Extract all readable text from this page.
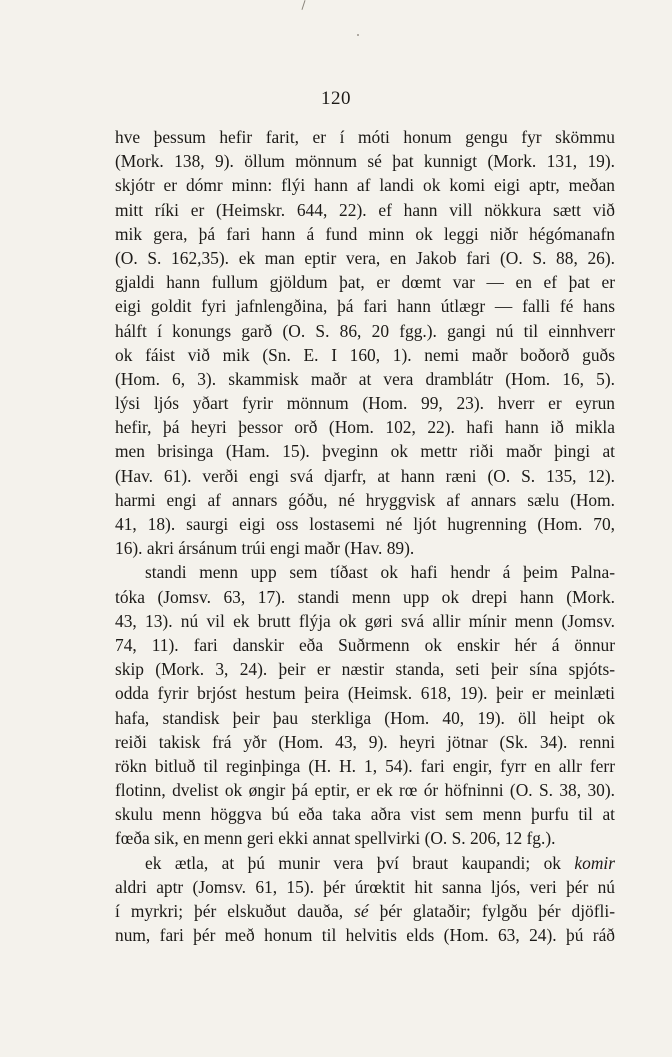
120
hve þessum hefir farit, er í móti honum gengu fyr skömmu
(Mork. 138, 9). öllum mönnum sé þat kunnigt (Mork. 131, 19).
skjótr er dómr minn: flýi hann af landi ok komi eigi aptr, meðan
mitt ríki er (Heimskr. 644, 22). ef hann vill nökkura sætt við
mik gera, þá fari hann á fund minn ok leggi niðr hégómanafn
(O. S. 162,35). ek man eptir vera, en Jakob fari (O. S. 88, 26).
gjaldi hann fullum gjöldum þat, er dœmt var — en ef þat er
eigi goldit fyri jafnlengðina, þá fari hann útlægr — falli fé hans
hálft í konungs garð (O. S. 86, 20 fgg.). gangi nú til einnhverr
ok fáist við mik (Sn. E. I 160, 1). nemi maðr boðorð guðs
(Hom. 6, 3). skammisk maðr at vera dramblátr (Hom. 16, 5).
lýsi ljós yðart fyrir mönnum (Hom. 99, 23). hverr er eyrun
hefir, þá heyri þessor orð (Hom. 102, 22). hafi hann ið mikla
men brisinga (Ham. 15). þveginn ok mettr riði maðr þingi at
(Hav. 61). verði engi svá djarfr, at hann ræni (O. S. 135, 12).
harmi engi af annars góðu, né hryggvisk af annars sælu (Hom.
41, 18). saurgi eigi oss lostasemi né ljót hugrenning (Hom. 70,
16). akri ársánum trúi engi maðr (Hav. 89).
standi menn upp sem tíðast ok hafi hendr á þeim Palna-
tóka (Jomsv. 63, 17). standi menn upp ok drepi hann (Mork.
43, 13). nú vil ek brutt flýja ok gøri svá allir mínir menn (Jomsv.
74, 11). fari danskir eða Suðrmenn ok enskir hér á önnur
skip (Mork. 3, 24). þeir er næstir standa, seti þeir sína spjóts-
odda fyrir brjóst hestum þeira (Heimsk. 618, 19). þeir er meinlæti
hafa, standisk þeir þau sterkliga (Hom. 40, 19). öll heipt ok
reiði takisk frá yðr (Hom. 43, 9). heyri jötnar (Sk. 34). renni
rökn bitluð til reginþinga (H. H. 1, 54). fari engir, fyrr en allr ferr
flotinn, dvelist ok øngir þá eptir, er ek rœ ór höfninni (O. S. 38, 30).
skulu menn höggva bú eða taka aðra vist sem menn þurfu til at
fœða sik, en menn geri ekki annat spellvirki (O. S. 206, 12 fg.).
ek ætla, at þú munir vera því braut kaupandi; ok komir
aldri aptr (Jomsv. 61, 15). þér úrœktit hit sanna ljós, veri þér nú
í myrkri; þér elskuðut dauða, sé þér glataðir; fylgðu þér djöfli-
num, fari þér með honum til helvitis elds (Hom. 63, 24). þú ráð
